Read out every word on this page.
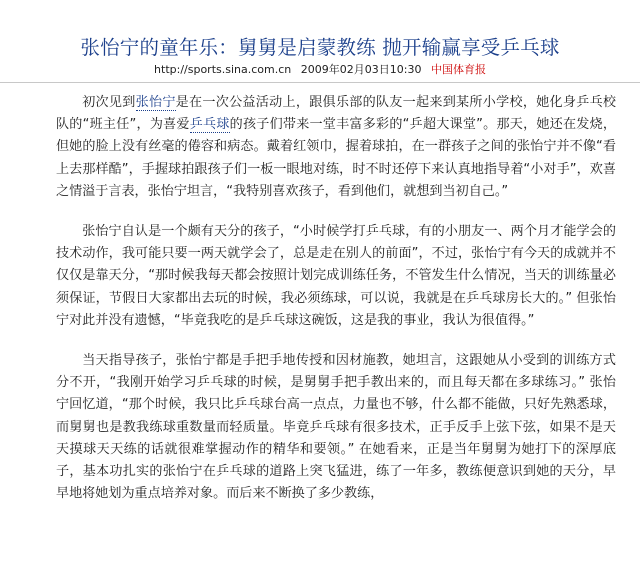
张怡宁的童年乐：舅舅是启蒙教练 抛开输赢享受乒乓球
http://sports.sina.com.cn 2009年02月03日10:30 中国体育报

初次见到张怡宁是在一次公益活动上，跟俱乐部的队友一起来到某所小学校，她化身乒乓校队的“班主任”，为喜爱乒乓球的孩子们带来一堂丰富多彩的“乒超大课堂”。那天，她还在发烧，但她的脸上没有丝毫的倦容和病态。戴着红领巾，握着球拍，在一群孩子之间的张怡宁并不像“看上去那样酷”，手握球拍跟孩子们一板一眼地对练，时不时还停下来认真地指导着“小对手”，欢喜之情溢于言表，张怡宁坦言，“我特别喜欢孩子，看到他们，就想到当初自己。”

张怡宁自认是一个颇有天分的孩子，“小时候学打乒乓球，有的小朋友一、两个月才能学会的技术动作，我可能只要一两天就学会了，总是走在别人的前面”，不过，张怡宁有今天的成就并不仅仅是靠天分，“那时候我每天都会按照计划完成训练任务，不管发生什么情况，当天的训练量必须保证，节假日大家都出去玩的时候，我必须练球，可以说，我就是在乒乓球房长大的。” 但张怡宁对此并没有遗憾，“毕竟我吃的是乒乓球这碗饭，这是我的事业，我认为很值得。”

当天指导孩子，张怡宁都是手把手地传授和因材施教，她坦言，这跟她从小受到的训练方式分不开，“我刚开始学习乒乓球的时候，是舅舅手把手教出来的，而且每天都在多球练习。” 张怡宁回忆道，“那个时候，我只比乒乓球台高一点点，力量也不够，什么都不能做，只好先熟悉球，而舅舅也是教我练球重数量而轻质量。毕竟乒乓球有很多技术，正手反手上弦下弦，如果不是天天摸球天天练的话就很难掌握动作的精华和要领。” 在她看来，正是当年舅舅为她打下的深厚底子，基本功扎实的张怡宁在乒乓球的道路上突飞猛进，练了一年多，教练便意识到她的天分，早早地将她划为重点培养对象。而后来不断换了多少教练，
